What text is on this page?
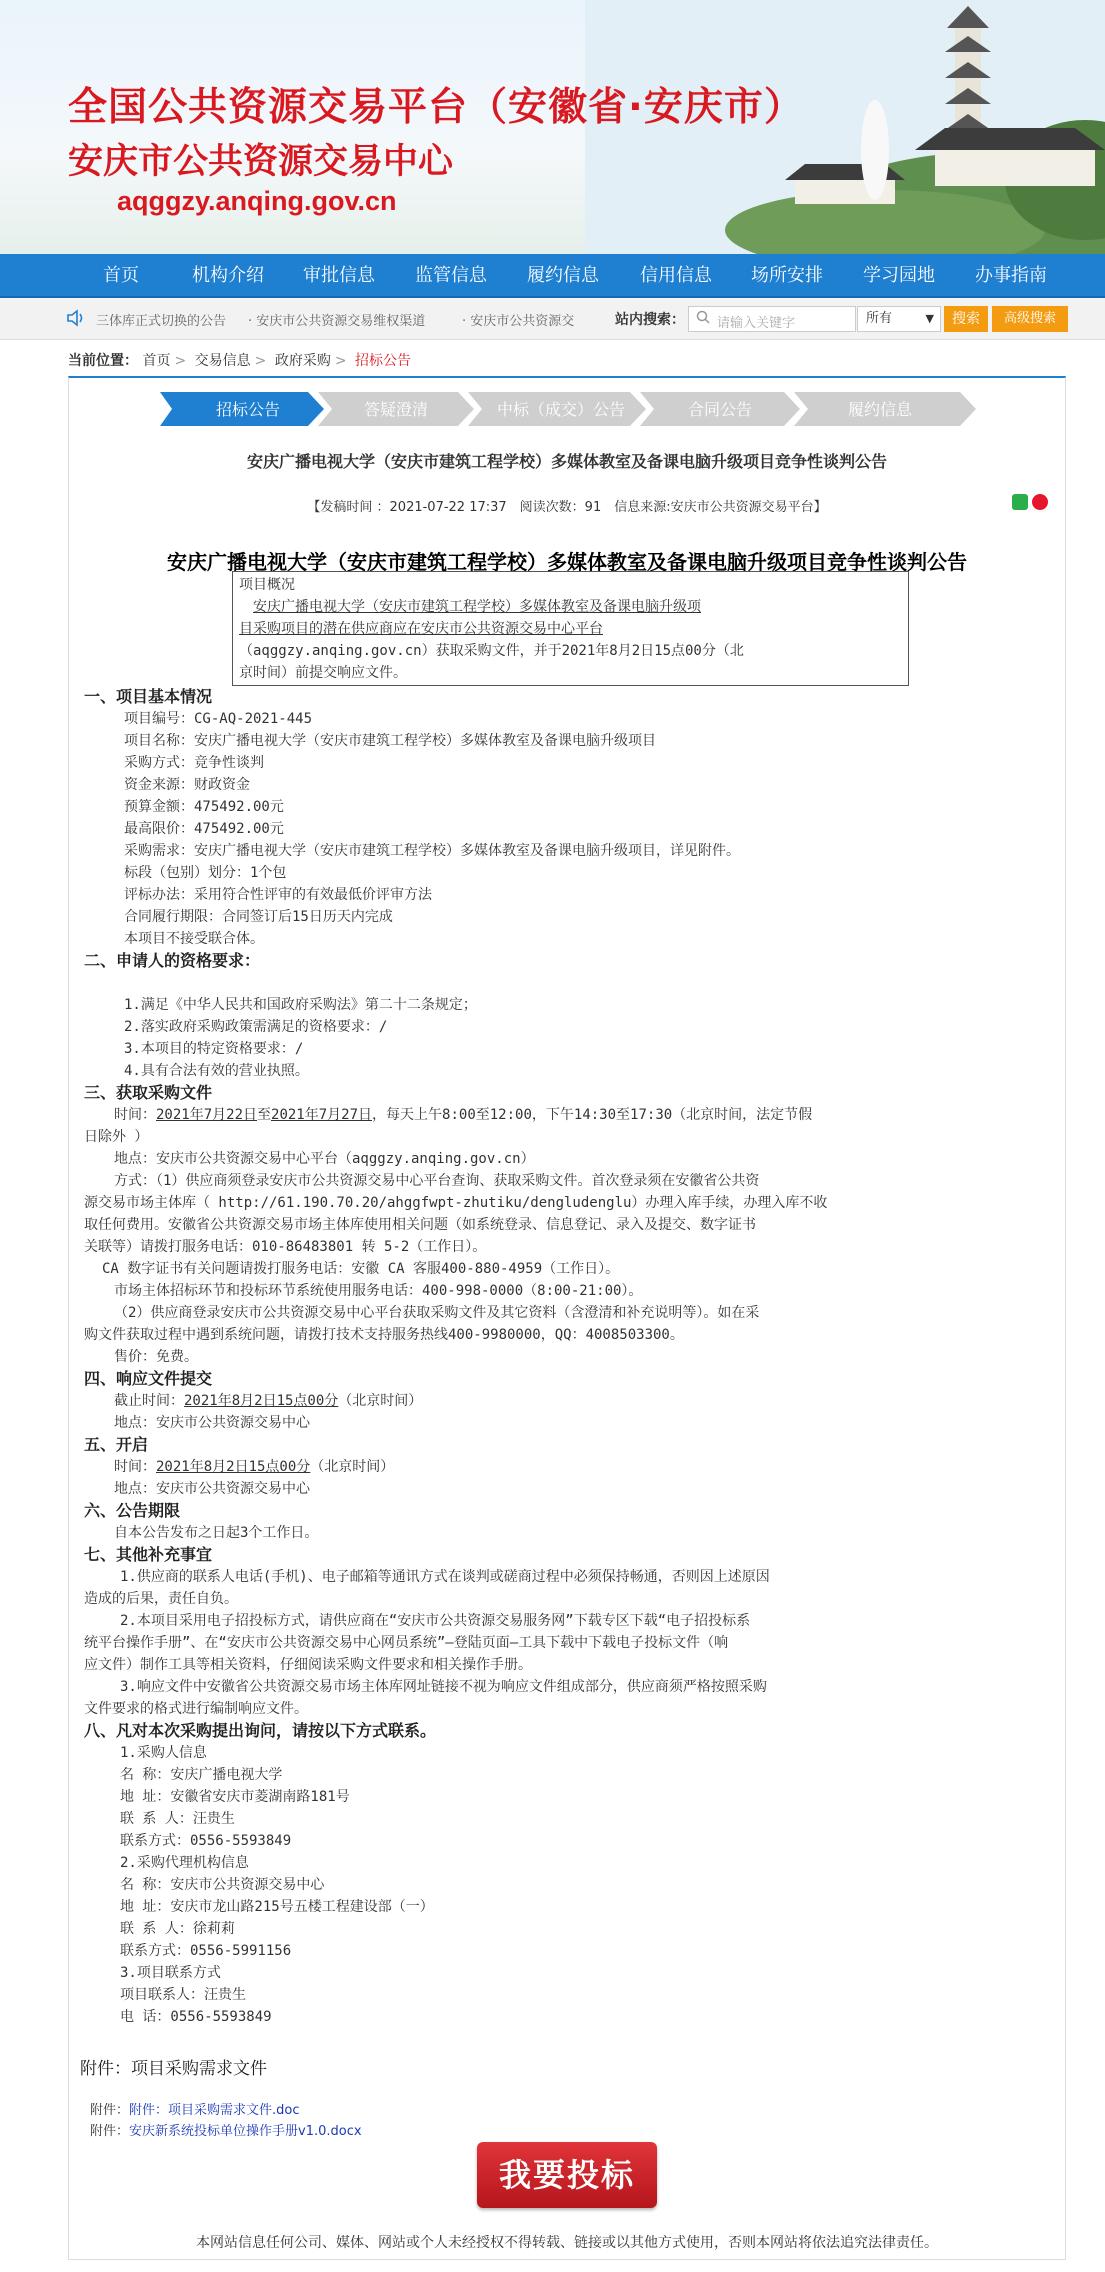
全国公共资源交易平台（安徽省·安庆市）
安庆市公共资源交易中心
aqggzy.anqing.gov.cn
首页	机构介绍	审批信息	监管信息	履约信息	信用信息	场所安排	学习园地	办事指南
三体库正式切换的公告 · 安庆市公共资源交易维权渠道	· 安庆市公共资源交	站内搜索： 请输入关键字	所有	▼	搜索	高级搜索
当前位置： 首页 > 交易信息 > 政府采购 > 招标公告
招标公告	答疑澄清	中标（成交）公告	合同公告	履约信息
安庆广播电视大学（安庆市建筑工程学校）多媒体教室及备课电脑升级项目竞争性谈判公告
【发稿时间 ：2021-07-22 17:37　阅读次数：91　信息来源:安庆市公共资源交易平台】
安庆广播电视大学（安庆市建筑工程学校）多媒体教室及备课电脑升级项目竞争性谈判公告
项目概况
安庆广播电视大学（安庆市建筑工程学校）多媒体教室及备课电脑升级项
目采购项目的潜在供应商应在安庆市公共资源交易中心平台
（aqggzy.anqing.gov.cn）获取采购文件，并于2021年8月2日15点00分（北
京时间）前提交响应文件。
一、项目基本情况
项目编号：CG-AQ-2021-445
项目名称：安庆广播电视大学（安庆市建筑工程学校）多媒体教室及备课电脑升级项目
采购方式：竞争性谈判
资金来源：财政资金
预算金额：475492.00元
最高限价：475492.00元
采购需求：安庆广播电视大学（安庆市建筑工程学校）多媒体教室及备课电脑升级项目，详见附件。
标段（包别）划分：1个包
评标办法：采用符合性评审的有效最低价评审方法
合同履行期限：合同签订后15日历天内完成
本项目不接受联合体。
二、申请人的资格要求：
1.满足《中华人民共和国政府采购法》第二十二条规定；
2.落实政府采购政策需满足的资格要求：/
3.本项目的特定资格要求：/
4.具有合法有效的营业执照。
三、获取采购文件
时间：2021年7月22日至2021年7月27日，每天上午8:00至12:00，下午14:30至17:30（北京时间，法定节假
日除外 ）
地点：安庆市公共资源交易中心平台（aqggzy.anqing.gov.cn）
方式：（1）供应商须登录安庆市公共资源交易中心平台查询、获取采购文件。首次登录须在安徽省公共资
源交易市场主体库（ http://61.190.70.20/ahggfwpt-zhutiku/dengludenglu）办理入库手续，办理入库不收
取任何费用。安徽省公共资源交易市场主体库使用相关问题（如系统登录、信息登记、录入及提交、数字证书
关联等）请拨打服务电话：010-86483801 转 5-2（工作日）。
CA 数字证书有关问题请拨打服务电话：安徽 CA 客服400-880-4959（工作日）。
市场主体招标环节和投标环节系统使用服务电话：400-998-0000（8:00-21:00）。
（2）供应商登录安庆市公共资源交易中心平台获取采购文件及其它资料（含澄清和补充说明等）。如在采
购文件获取过程中遇到系统问题，请拨打技术支持服务热线400-9980000，QQ：4008503300。
售价：免费。
四、响应文件提交
截止时间：2021年8月2日15点00分（北京时间）
地点：安庆市公共资源交易中心
五、开启
时间：2021年8月2日15点00分（北京时间）
地点：安庆市公共资源交易中心
六、公告期限
自本公告发布之日起3个工作日。
七、其他补充事宜
1.供应商的联系人电话(手机)、电子邮箱等通讯方式在谈判或磋商过程中必须保持畅通，否则因上述原因
造成的后果，责任自负。
2.本项目采用电子招投标方式，请供应商在“安庆市公共资源交易服务网”下载专区下载“电子招投标系
统平台操作手册”、在“安庆市公共资源交易中心网员系统”—登陆页面—工具下载中下载电子投标文件（响
应文件）制作工具等相关资料，仔细阅读采购文件要求和相关操作手册。
3.响应文件中安徽省公共资源交易市场主体库网址链接不视为响应文件组成部分，供应商须严格按照采购
文件要求的格式进行编制响应文件。
八、凡对本次采购提出询问，请按以下方式联系。
1.采购人信息
名 称：安庆广播电视大学
地 址：安徽省安庆市菱湖南路181号
联 系 人：汪贵生
联系方式：0556-5593849
2.采购代理机构信息
名 称：安庆市公共资源交易中心
地 址：安庆市龙山路215号五楼工程建设部（一）
联 系 人：徐莉莉
联系方式：0556-5991156
3.项目联系方式
项目联系人：汪贵生
电 话：0556-5593849
附件：项目采购需求文件
附件：附件：项目采购需求文件.doc
附件：安庆新系统投标单位操作手册v1.0.docx
我要投标
本网站信息任何公司、媒体、网站或个人未经授权不得转载、链接或以其他方式使用，否则本网站将依法追究法律责任。
